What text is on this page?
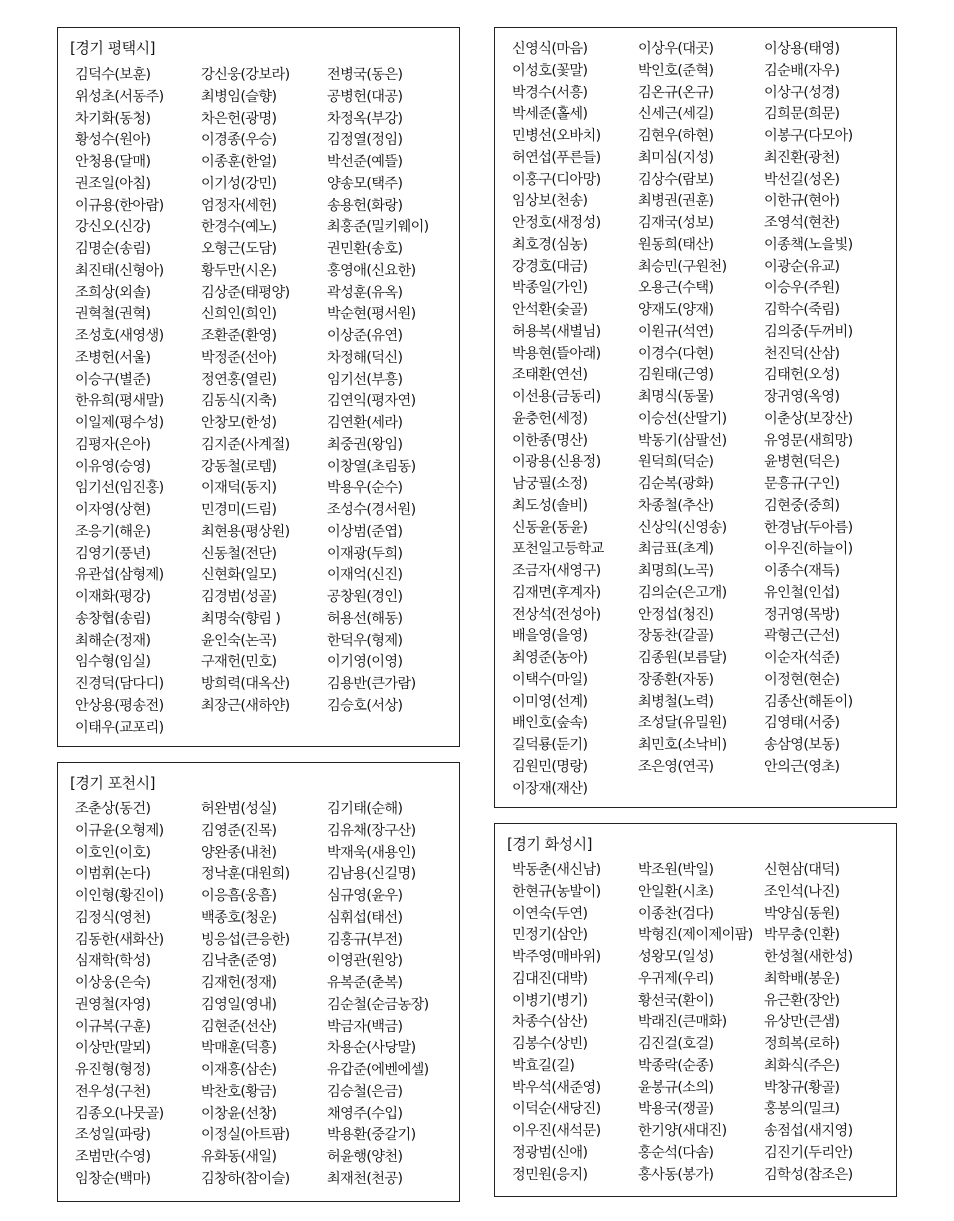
[경기 평택시]
김덕수(보훈)	강신웅(강보라)	전병국(동은)
위성초(서동주)	최병임(슬향)	공병헌(대공)
차기화(동청)	차은헌(광명)	차정옥(부강)
황성수(원아)	이경종(우승)	김정열(정임)
안청용(달매)	이종훈(한얼)	박선준(예뜰)
권조일(아침)	이기성(강민)	양송모(택주)
이규용(한아람)	엄정자(세헌)	송용헌(화랑)
강신오(신강)	한경수(예노)	최홍준(밀키웨이)
김명순(송림)	오형근(도담)	권민환(송호)
최진태(신형아)	황두만(시온)	홍영애(신요한)
조희상(외솔)	김상준(태평양)	곽성훈(유옥)
권혁철(권혁)	신희인(희인)	박순현(평서원)
조성호(새영생)	조환준(환영)	이상준(유연)
조병헌(서울)	박정준(선아)	차정해(덕신)
이승구(별준)	정연홍(열린)	임기선(부흥)
한유희(평새말)	김동식(지축)	김연익(평자연)
이일제(평수성)	안창모(한성)	김연환(세라)
김평자(은아)	김지준(사계절)	최중권(왕임)
이유영(승영)	강동철(로템)	이창열(초림동)
임기선(임진홍)	이재덕(동지)	박용우(순수)
이자영(상현)	민경미(드림)	조성수(경서원)
조응기(해운)	최현용(평상원)	이상범(준엽)
김영기(풍년)	신동철(전단)	이재광(두희)
유관섭(삼형제)	신현화(일모)	이재억(신진)
이재화(평강)	김경범(성골)	공창원(경인)
송창협(송림)	최명숙(향림 )	허용선(해동)
최해순(정재)	윤인숙(논곡)	한덕우(형제)
임수형(임실)	구재헌(민호)	이기영(이영)
진경덕(담다디)	방희력(대옥산)	김용반(큰가람)
안상용(평송전)	최장근(새하얀)	김승호(서상)
이태우(교포리)
[경기 포천시]
조춘상(동건)	허완범(성실)	김기태(순해)
이규윤(오형제)	김영준(진목)	김유채(장구산)
이호인(이호)	양완종(내천)	박재욱(새용인)
이범휘(논다)	정낙훈(대원희)	김남용(신길명)
이인형(황진이)	이응흠(웅흠)	심규영(윤우)
김정식(영천)	백종호(청운)	심휘섭(태선)
김동한(새화산)	빙응섭(큰응한)	김홍규(부전)
심재학(학성)	김낙춘(준영)	이영관(원앙)
이상웅(은숙)	김재헌(정재)	유복준(춘복)
권영철(자영)	김영일(영내)	김순철(순금농장)
이규복(구훈)	김현준(선산)	박금자(백금)
이상만(말뫼)	박매훈(덕흥)	차용순(사당말)
유진형(형정)	이재흥(삼손)	유갑준(에벤에셀)
전우성(구천)	박찬호(황금)	김승철(은금)
김종오(나뭇골)	이창윤(선창)	채영주(수입)
조성일(파랑)	이정실(아트팜)	박용환(중갈기)
조범만(수영)	유화동(새일)	허윤행(양천)
임창순(백마)	김창하(참이슬)	최재천(천공)
신영식(마음)	이상우(대곳)	이상용(태영)
이성호(꽃말)	박인호(준혁)	김순배(자우)
박경수(서흥)	김온규(온규)	이상구(성경)
박세준(홀세)	신세근(세길)	김희문(희문)
민병선(오바치)	김현우(하현)	이봉구(다모아)
허연섭(푸른들)	최미심(지성)	최진환(광천)
이홍구(디아망)	김상수(람보)	박선길(성온)
임상보(천송)	최병권(권훈)	이한규(현아)
안정호(새정성)	김재국(성보)	조영석(현찬)
최호경(심농)	원동희(태산)	이종책(노을빛)
강경호(대금)	최승민(구원천)	이광순(유교)
박종일(가인)	오용근(수택)	이승우(주원)
안석환(숯골)	양재도(양재)	김학수(죽림)
허용복(새별님)	이원규(석연)	김의중(두꺼비)
박용현(뜰아래)	이경수(다현)	천진덕(산삼)
조태환(연선)	김원태(근영)	김태헌(오성)
이선용(금동리)	최명식(동물)	장귀영(옥영)
윤충헌(세정)	이승선(산딸기)	이춘상(보장산)
이한종(명산)	박동기(삼팔선)	유영문(새희망)
이광용(신용정)	원덕희(덕순)	윤병현(덕은)
남궁필(소정)	김순복(광화)	문흥규(구인)
최도성(솔비)	차종철(추산)	김현중(중희)
신동윤(동윤)	신상익(신영송)	한경남(두아름)
포천일고등학교	최금표(초계)	이우진(하늘이)
조금자(새영구)	최명희(노곡)	이종수(재득)
김재면(후계자)	김의순(은고개)	유인철(인섭)
전상석(전성아)	안정섭(청진)	정귀영(목방)
배을영(을영)	장동찬(갈골)	곽형근(근선)
최영준(농아)	김종원(보름달)	이순자(석준)
이택수(마일)	장종환(자동)	이정현(현순)
이미영(선계)	최병철(노력)	김종산(해돋이)
배인호(숲속)	조성달(유밀원)	김영태(서중)
길덕룡(둔기)	최민호(소낙비)	송삼영(보동)
김원민(명랑)	조은영(연곡)	안의근(영초)
이장재(재산)
[경기 화성시]
박동춘(새신남)	박조원(박일)	신현삼(대덕)
한현규(농발이)	안일환(시초)	조인석(나진)
이연숙(두연)	이종찬(검다)	박양심(동원)
민정기(삼안)	박형진(제이제이팜) 박무충(인환)
박주영(매바위)	성왕모(일성)	한성철(새한성)
김대진(대박)	우귀제(우리)	최학배(봉운)
이병기(병기)	황선국(환이)	유근환(장안)
차종수(삼산)	박래진(큰매화)	유상만(큰샘)
김봉수(상빈)	김진걸(호걸)	정희복(로하)
박효길(길)	박종락(순종)	최화식(주은)
박우석(새준영)	윤봉규(소의)	박창규(황골)
이덕순(새당진)	박용국(쟁골)	홍봉의(밀크)
이우진(새석문)	한기양(새대진)	송점섭(새지영)
정광범(신애)	홍순석(다솜)	김진기(두리안)
정민원(응지)	홍사동(봉가)	김학성(참조은)
